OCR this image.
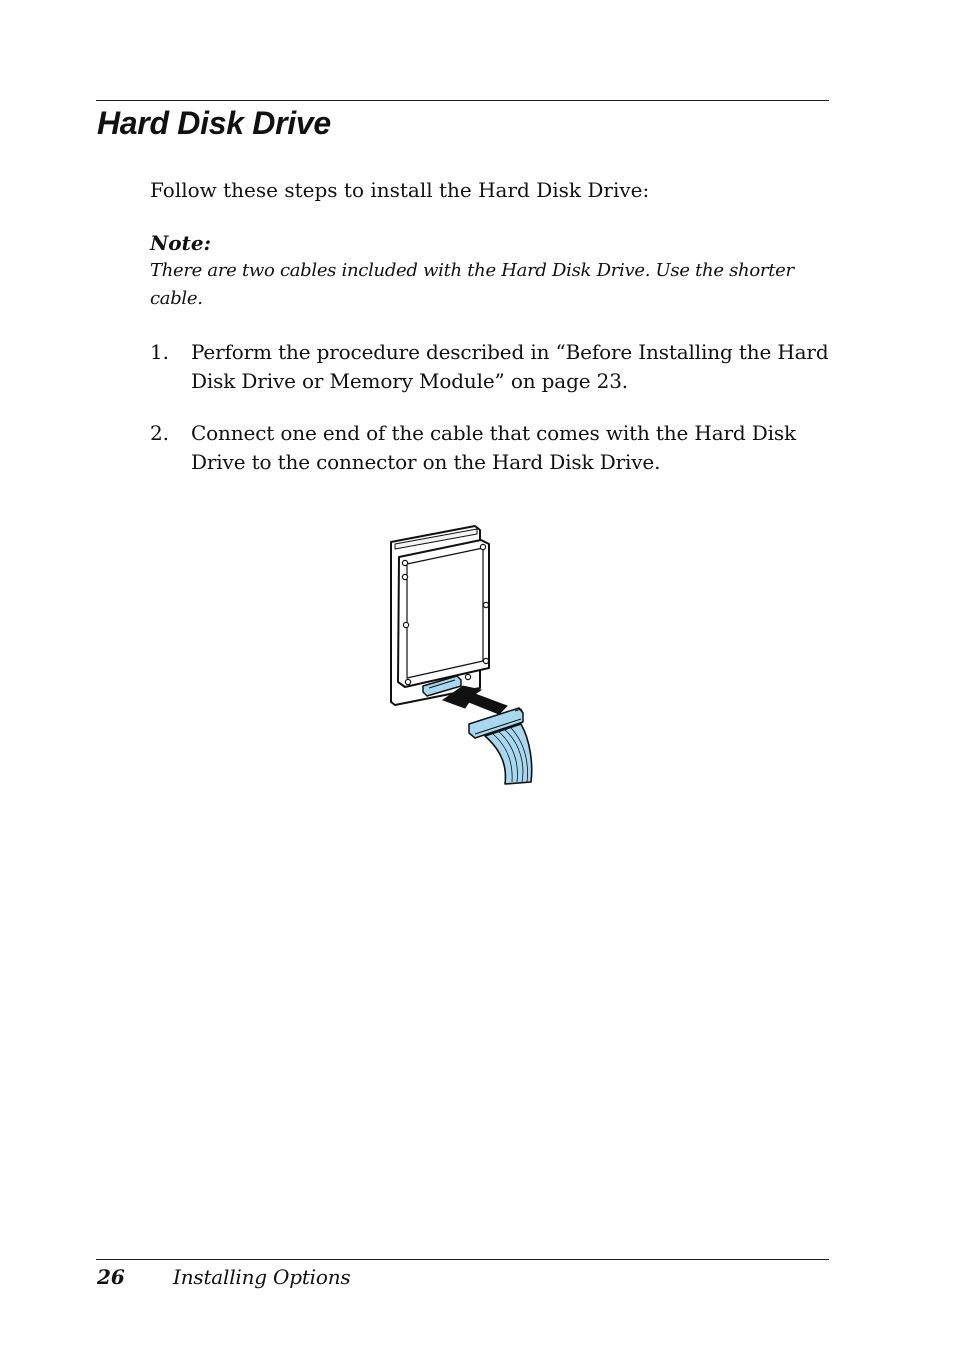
Hard Disk Drive

Follow these steps to install the Hard Disk Drive:

Note:

There are two cables included with the Hard Disk Drive. Use the shorter cable.

1. Perform the procedure described in “Before Installing the Hard Disk Drive or Memory Module” on page 23.
2. Connect one end of the cable that comes with the Hard Disk Drive to the connector on the Hard Disk Drive.
26 Installing Options
